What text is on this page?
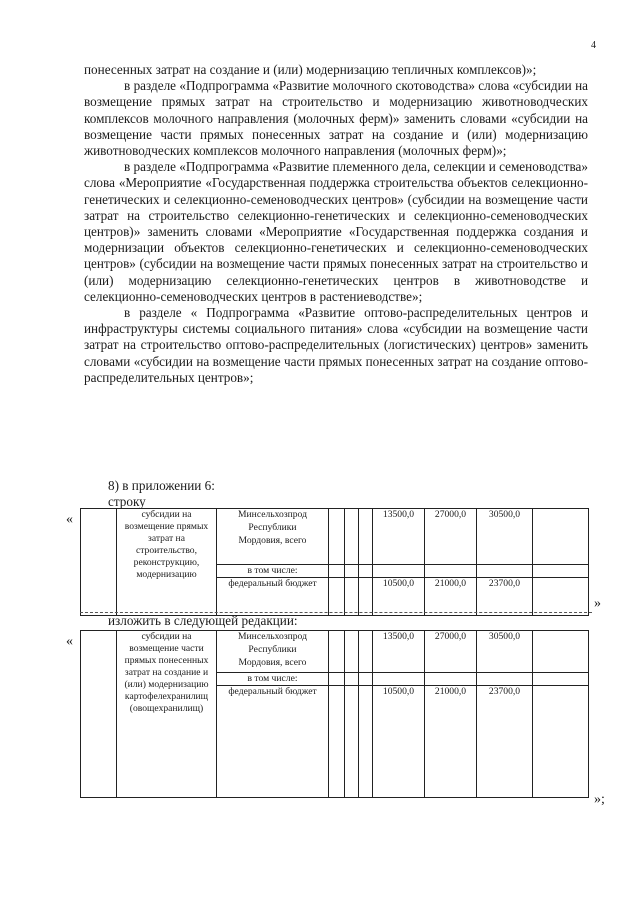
4

понесенных затрат на создание и (или) модернизацию тепличных комплексов)»;

в разделе «Подпрограмма «Развитие молочного скотоводства» слова «субсидии на возмещение прямых затрат на строительство и модернизацию животноводческих комплексов молочного направления (молочных ферм)» заменить словами «субсидии на возмещение части прямых понесенных затрат на создание и (или) модернизацию животноводческих комплексов молочного направления (молочных ферм)»;

в разделе «Подпрограмма «Развитие племенного дела, селекции и семеноводства» слова «Мероприятие «Государственная поддержка строительства объектов селекционно-генетических и селекционно-семеноводческих центров» (субсидии на возмещение части затрат на строительство селекционно-генетических и селекционно-семеноводческих центров)» заменить словами «Мероприятие «Государственная поддержка создания и модернизации объектов селекционно-генетических и селекционно-семеноводческих центров» (субсидии на возмещение части прямых понесенных затрат на строительство и (или) модернизацию селекционно-генетических центров в животноводстве и селекционно-семеноводческих центров в растениеводстве»;

в разделе « Подпрограмма «Развитие оптово-распределительных центров и инфраструктуры системы социального питания» слова «субсидии на возмещение части затрат на строительство оптово-распределительных (логистических) центров» заменить словами «субсидии на возмещение части прямых понесенных затрат на создание оптово-распределительных центров»;

8) в приложении 6:
строку
«
		субсидии на возмещение прямых затрат на строительство, реконструкцию, модернизацию	Минсельхозпрод
Республики
Мордовия, всего				13500,0	27000,0	30500,0	
		в том числе:							
		федеральный бюджет				10500,0	21000,0	23700,0	
»
изложить в следующей редакции:
«
		субсидии на возмещение части прямых понесенных затрат на создание и (или) модернизацию картофелехранилищ (овощехранилищ)	Минсельхозпрод
Республики
Мордовия, всего				13500,0	27000,0	30500,0	
		в том числе:							
		федеральный бюджет				10500,0	21000,0	23700,0	
»;
